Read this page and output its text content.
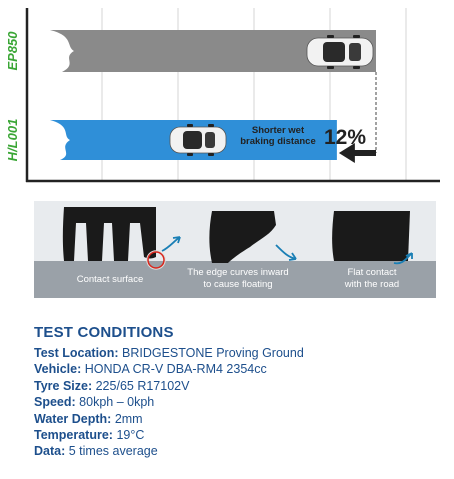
Shorter wet
braking distance 12%
EP850
H/L001
Contact surface
The edge curves inward
to cause floating
Flat contact
with the road
TEST CONDITIONS
Test Location: BRIDGESTONE Proving Ground
Vehicle: HONDA CR-V DBA-RM4 2354cc
Tyre Size: 225/65 R17102V
Speed: 80kph – 0kph
Water Depth: 2mm
Temperature: 19°C
Data: 5 times average
